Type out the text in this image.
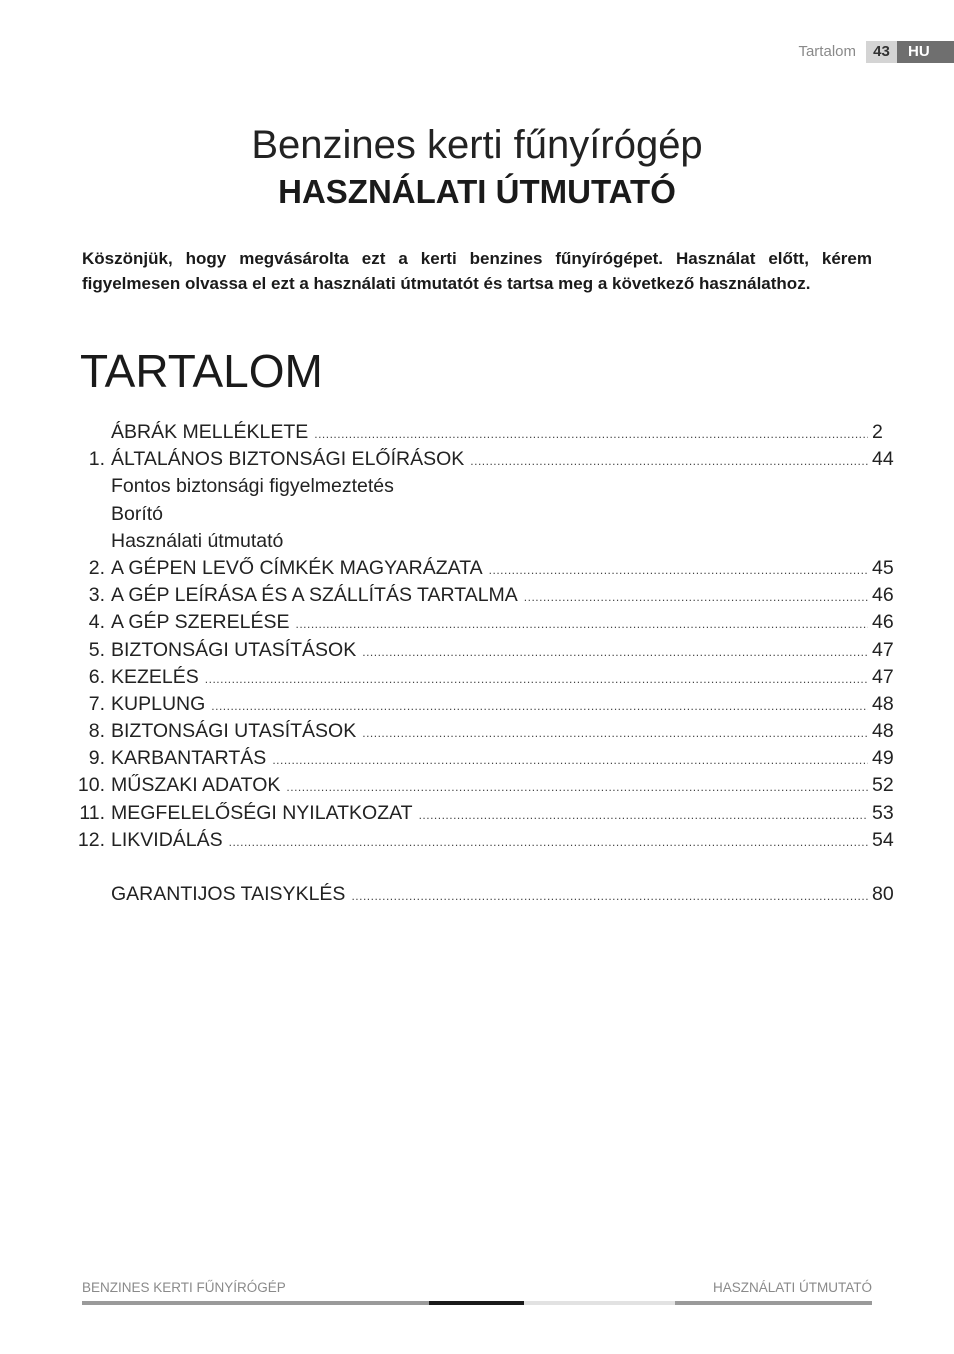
Tartalom	43	HU
Benzines kerti fűnyírógép
HASZNÁLATI ÚTMUTATÓ

Köszönjük, hogy megvásárolta ezt a kerti benzines fűnyírógépet. Használat előtt, kérem figyelmesen olvassa el ezt a használati útmutatót és tartsa meg a következő használathoz.

TARTALOM
ÁBRÁK MELLÉKLETE .....	2
1. ÁLTALÁNOS BIZTONSÁGI ELŐÍRÁSOK .....	44
Fontos biztonsági figyelmeztetés
Borító
Használati útmutató
2. A GÉPEN LEVŐ CÍMKÉK MAGYARÁZATA .....	45
3. A GÉP LEÍRÁSA ÉS A SZÁLLÍTÁS TARTALMA .....	46
4. A GÉP SZERELÉSE .....	46
5. BIZTONSÁGI UTASÍTÁSOK .....	47
6. KEZELÉS .....	47
7. KUPLUNG .....	48
8. BIZTONSÁGI UTASÍTÁSOK .....	48
9. KARBANTARTÁS .....	49
10. MŰSZAKI ADATOK .....	52
11. MEGFELELŐSÉGI NYILATKOZAT .....	53
12. LIKVIDÁLÁS .....	54
GARANTIJOS TAISYKLÉS .....	80
BENZINES KERTI FŰNYÍRÓGÉP	HASZNÁLATI ÚTMUTATÓ
